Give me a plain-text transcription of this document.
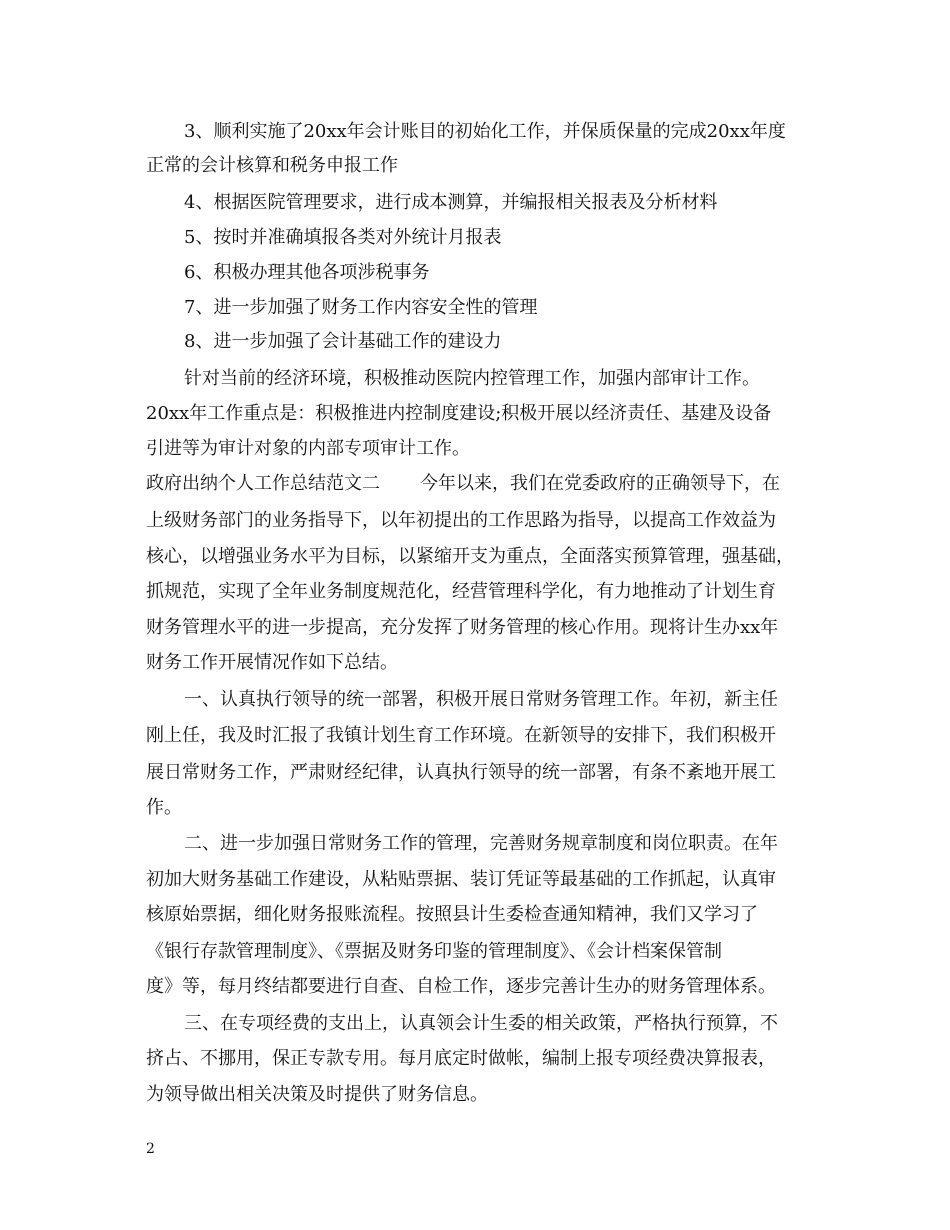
3、顺利实施了20xx年会计账目的初始化工作，并保质保量的完成20xx年度
正常的会计核算和税务申报工作
4、根据医院管理要求，进行成本测算，并编报相关报表及分析材料
5、按时并准确填报各类对外统计月报表
6、积极办理其他各项涉税事务
7、进一步加强了财务工作内容安全性的管理
8、进一步加强了会计基础工作的建设力
针对当前的经济环境，积极推动医院内控管理工作，加强内部审计工作。
20xx年工作重点是：积极推进内控制度建设;积极开展以经济责任、基建及设备
引进等为审计对象的内部专项审计工作。
政府出纳个人工作总结范文二 今年以来，我们在党委政府的正确领导下，在
上级财务部门的业务指导下，以年初提出的工作思路为指导，以提高工作效益为
核心，以增强业务水平为目标，以紧缩开支为重点，全面落实预算管理，强基础，
抓规范，实现了全年业务制度规范化，经营管理科学化，有力地推动了计划生育
财务管理水平的进一步提高，充分发挥了财务管理的核心作用。现将计生办xx年
财务工作开展情况作如下总结。
一、认真执行领导的统一部署，积极开展日常财务管理工作。年初，新主任
刚上任，我及时汇报了我镇计划生育工作环境。在新领导的安排下，我们积极开
展日常财务工作，严肃财经纪律，认真执行领导的统一部署，有条不紊地开展工
作。
二、进一步加强日常财务工作的管理，完善财务规章制度和岗位职责。在年
初加大财务基础工作建设，从粘贴票据、装订凭证等最基础的工作抓起，认真审
核原始票据，细化财务报账流程。按照县计生委检查通知精神，我们又学习了
《银行存款管理制度》、《票据及财务印鉴的管理制度》、《会计档案保管制
度》等，每月终结都要进行自查、自检工作，逐步完善计生办的财务管理体系。
三、在专项经费的支出上，认真领会计生委的相关政策，严格执行预算，不
挤占、不挪用，保正专款专用。每月底定时做帐，编制上报专项经费决算报表，
为领导做出相关决策及时提供了财务信息。
2
